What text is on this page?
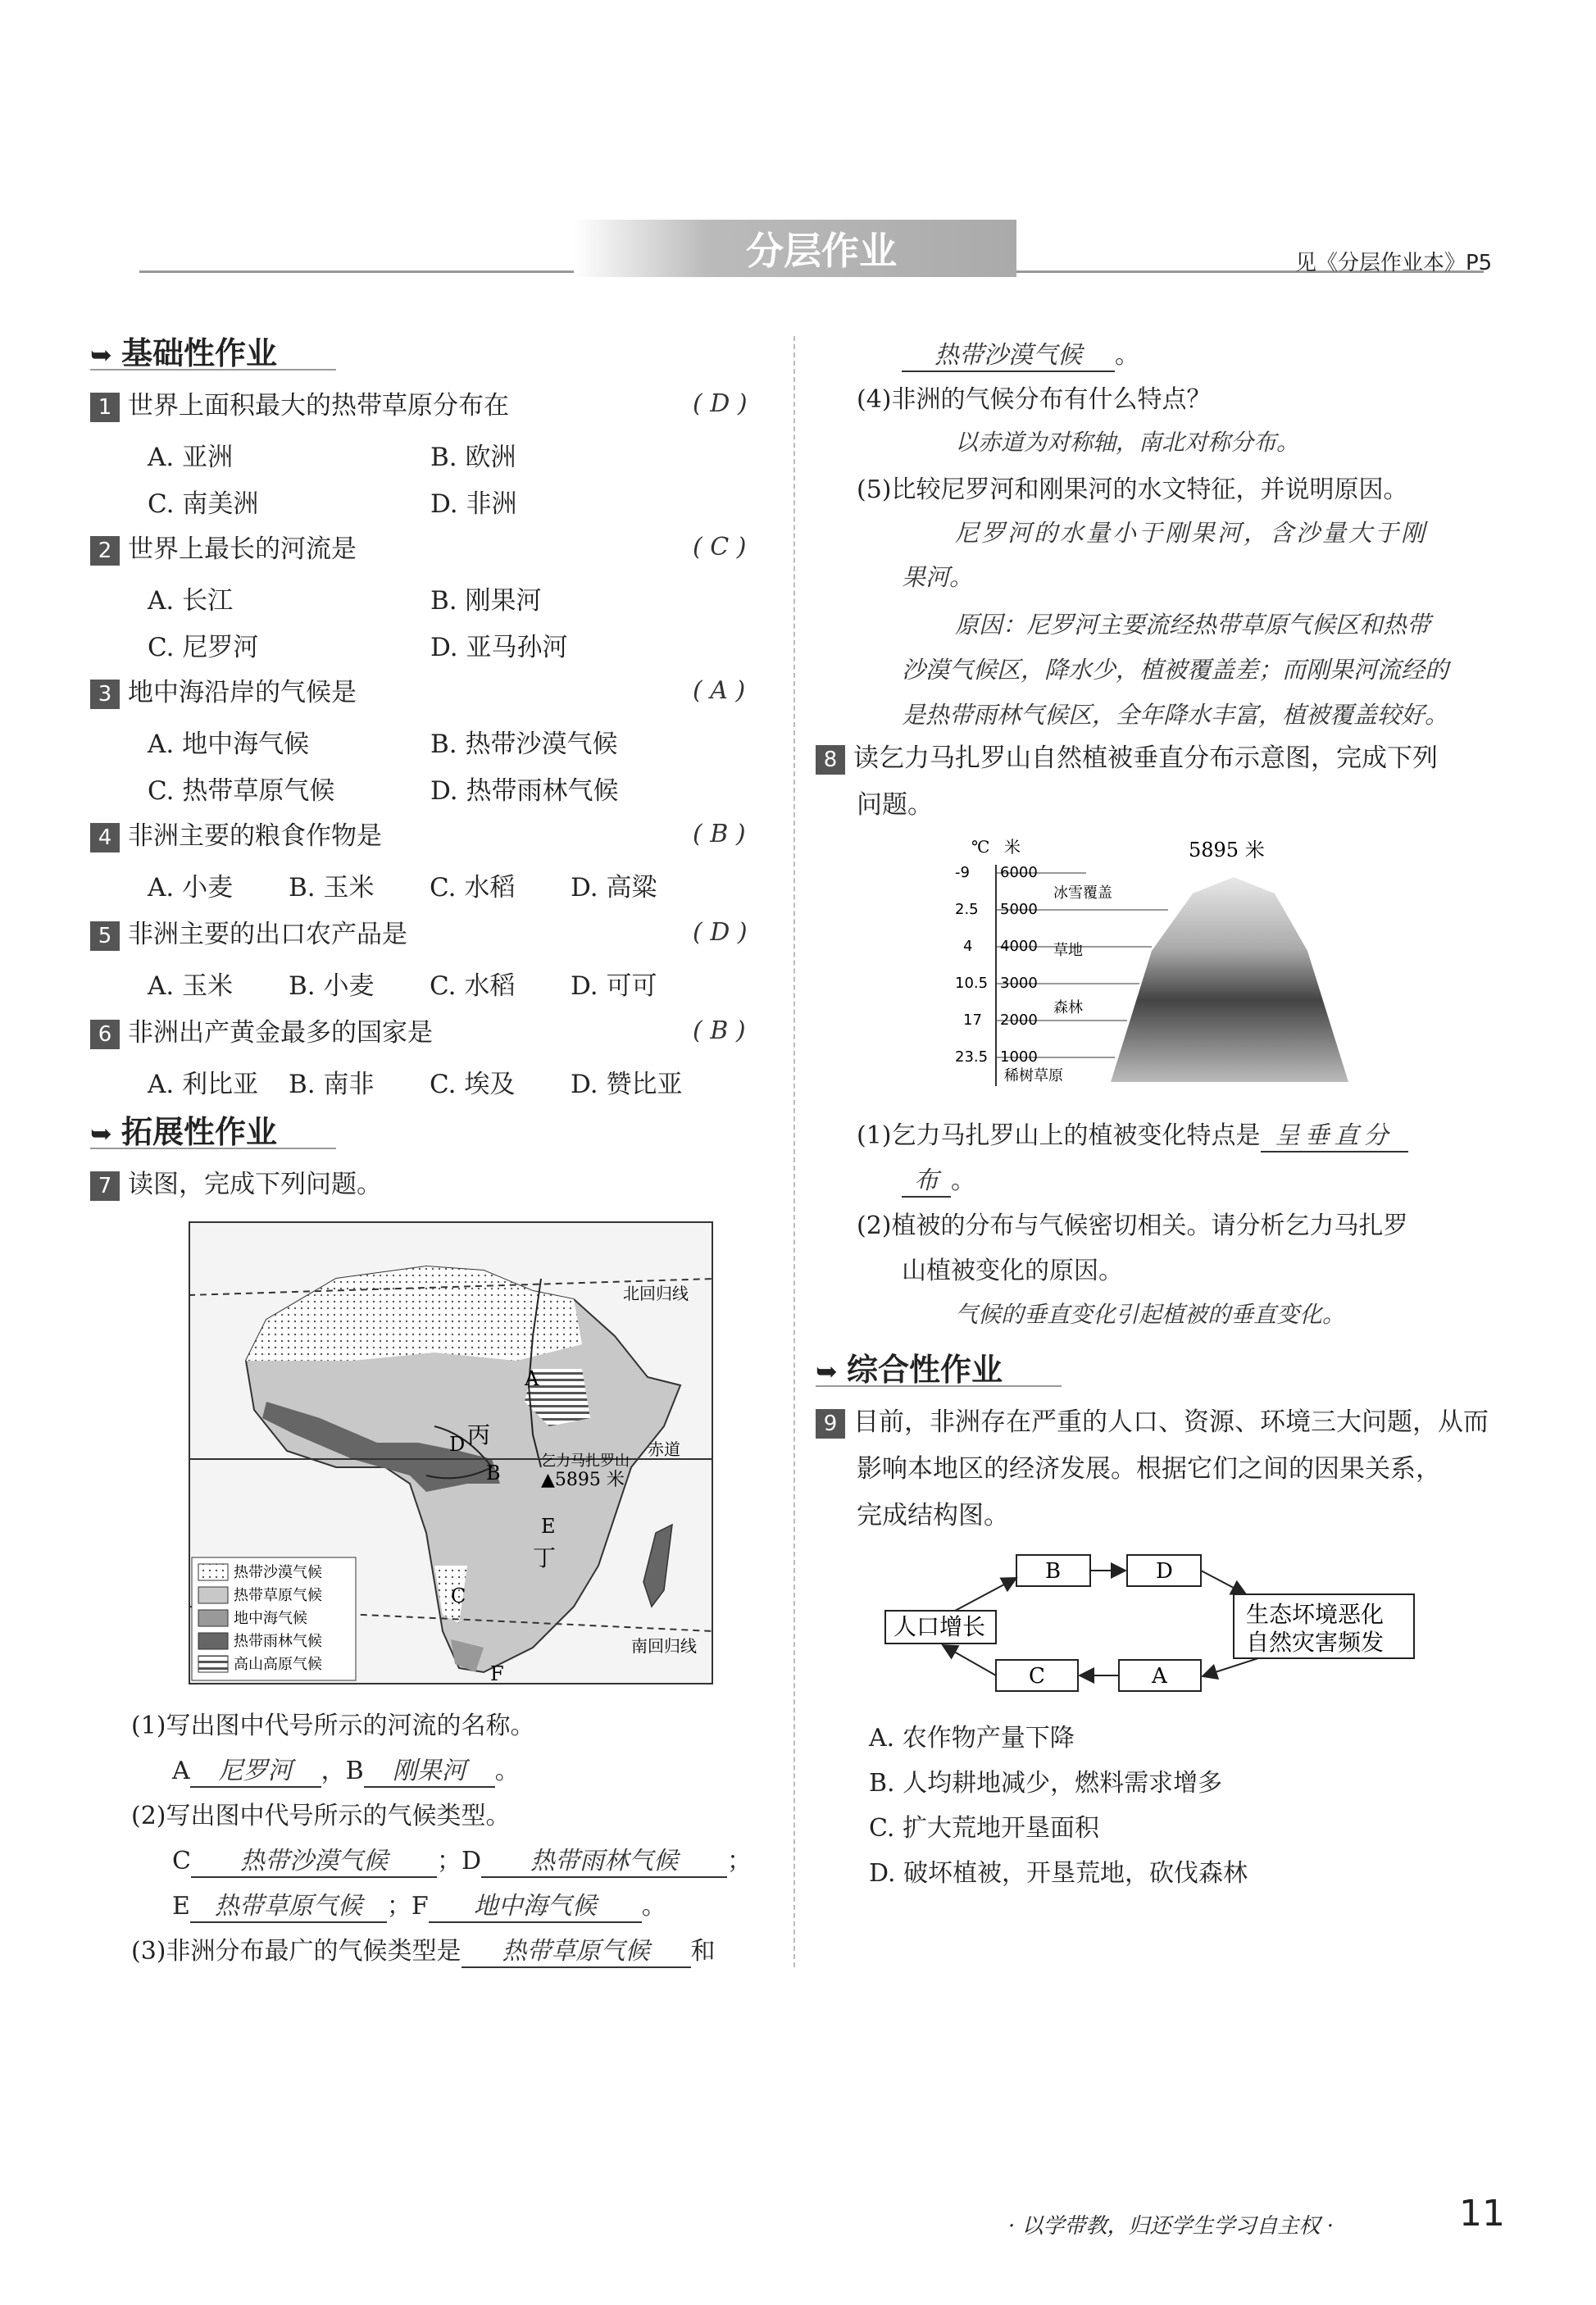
分层作业	见《分层作业本》P5
➥ 基础性作业
1 世界上面积最大的热带草原分布在	( D )
A. 亚洲	B. 欧洲
C. 南美洲	D. 非洲
2 世界上最长的河流是	( C )
A. 长江	B. 刚果河
C. 尼罗河	D. 亚马孙河
3 地中海沿岸的气候是	( A )
A. 地中海气候	B. 热带沙漠气候
C. 热带草原气候	D. 热带雨林气候
4 非洲主要的粮食作物是	( B )
A. 小麦 B. 玉米 C. 水稻 D. 高粱
5 非洲主要的出口农产品是	( D )
A. 玉米 B. 小麦 C. 水稻 D. 可可
6 非洲出产黄金最多的国家是	( B )
A. 利比亚 B. 南非 C. 埃及 D. 赞比亚
➥ 拓展性作业
7 读图，完成下列问题。
北回归线
赤道
南回归线
乞力马扎罗山
▲5895 米
A
B
C
D
E
F
丙
丁
热带沙漠气候
热带草原气候
地中海气候
热带雨林气候
高山高原气候
(1)写出图中代号所示的河流的名称。
A 尼罗河 ，B 刚果河 。
(2)写出图中代号所示的气候类型。
C 热带沙漠气候 ；D 热带雨林气候 ；
E 热带草原气候 ；F 地中海气候 。
(3)非洲分布最广的气候类型是 热带草原气候 和
热带沙漠气候 。
(4)非洲的气候分布有什么特点？
以赤道为对称轴，南北对称分布。
(5)比较尼罗河和刚果河的水文特征，并说明原因。
尼罗河的水量小于刚果河，含沙量大于刚
果河。
原因：尼罗河主要流经热带草原气候区和热带
沙漠气候区，降水少，植被覆盖差；而刚果河流经的
是热带雨林气候区，全年降水丰富，植被覆盖较好。
8 读乞力马扎罗山自然植被垂直分布示意图，完成下列
问题。
℃ 米	5895 米
-9
2.5
4
10.5
17
23.5
6000
5000
4000
3000
2000
1000
冰雪覆盖
草地
森林
稀树草原
(1)乞力马扎罗山上的植被变化特点是 呈垂直分
布 。
(2)植被的分布与气候密切相关。请分析乞力马扎罗
山植被变化的原因。
气候的垂直变化引起植被的垂直变化。
➥ 综合性作业
9 目前，非洲存在严重的人口、资源、环境三大问题，从而
影响本地区的经济发展。根据它们之间的因果关系，
完成结构图。
B	D
人口增长	生态坏境恶化
自然灾害频发
C	A
A. 农作物产量下降
B. 人均耕地减少，燃料需求增多
C. 扩大荒地开垦面积
D. 破坏植被，开垦荒地，砍伐森林
· 以学带教，归还学生学习自主权 ·	11
